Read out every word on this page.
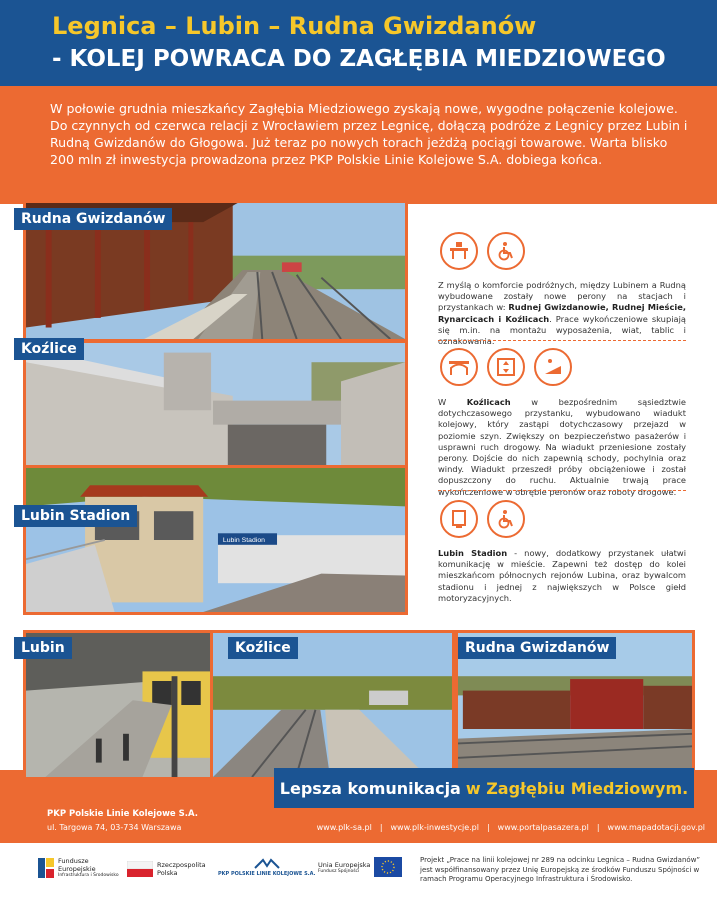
Legnica – Lubin – Rudna Gwizdanów
- KOLEJ POWRACA DO ZAGŁĘBIA MIEDZIOWEGO
W połowie grudnia mieszkańcy Zagłębia Miedziowego zyskają nowe, wygodne połączenie kolejowe. Do czynnych od czerwca relacji z Wrocławiem przez Legnicę, dołączą podróże z Legnicy przez Lubin i Rudną Gwizdanów do Głogowa. Już teraz po nowych torach jeżdżą pociągi towarowe. Warta blisko 200 mln zł inwestycja prowadzona przez PKP Polskie Linie Kolejowe S.A. dobiega końca.
Rudna Gwizdanów
Koźlice
Lubin Stadion
Lubin Stadion
Z myślą o komforcie podróżnych, między Lubinem a Rudną wybudowane zostały nowe perony na stacjach i przystankach w: Rudnej Gwizdanowie, Rudnej Mieście, Rynarcicach i Koźlicach. Prace wykończeniowe skupiają się m.in. na montażu wyposażenia, wiat, tablic i oznakowania.
W Koźlicach w bezpośrednim sąsiedztwie dotychczasowego przystanku, wybudowano wiadukt kolejowy, który zastąpi dotychczasowy przejazd w poziomie szyn. Zwiększy on bezpieczeństwo pasażerów i usprawni ruch drogowy. Na wiadukt przeniesione zostały perony. Dojście do nich zapewnią schody, pochylnia oraz windy. Wiadukt przeszedł próby obciążeniowe i został dopuszczony do ruchu. Aktualnie trwają prace wykończeniowe w obrębie peronów oraz roboty drogowe.
Lubin Stadion - nowy, dodatkowy przystanek ułatwi komunikację w mieście. Zapewni też dostęp do kolei mieszkańcom północnych rejonów Lubina, oraz bywalcom stadionu i jednej z największych w Polsce giełd motoryzacyjnych.
Lubin	Koźlice	Rudna Gwizdanów
Lepsza komunikacja w Zagłębiu Miedziowym.
PKP Polskie Linie Kolejowe S.A.
ul. Targowa 74, 03-734 Warszawa	www.plk-sa.pl | www.plk-inwestycje.pl | www.portalpasazera.pl | www.mapadotacji.gov.pl
Fundusze
Europejskie
Infrastruktura i Środowisko
Rzeczpospolita
Polska	PKP POLSKIE LINIE KOLEJOWE S.A.
Unia Europejska
Fundusz Spójności
Projekt „Prace na linii kolejowej nr 289 na odcinku Legnica – Rudna Gwizdanów” jest współfinansowany przez Unię Europejską ze środków Funduszu Spójności w ramach Programu Operacyjnego Infrastruktura i Środowisko.
